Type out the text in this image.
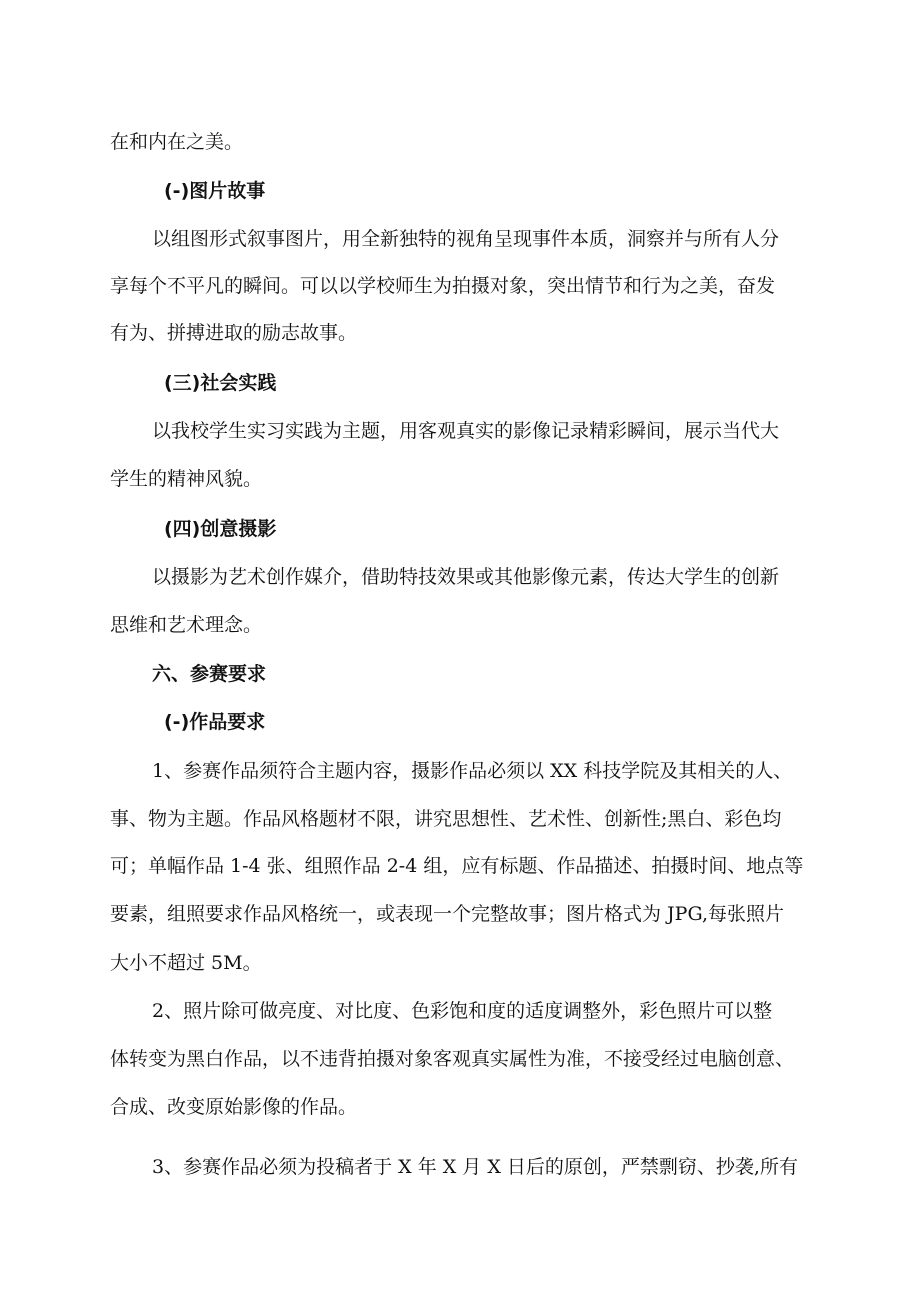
在和内在之美。
(-)图片故事
以组图形式叙事图片，用全新独特的视角呈现事件本质，洞察并与所有人分
享每个不平凡的瞬间。可以以学校师生为拍摄对象，突出情节和行为之美，奋发
有为、拼搏进取的励志故事。
(三)社会实践
以我校学生实习实践为主题，用客观真实的影像记录精彩瞬间，展示当代大
学生的精神风貌。
(四)创意摄影
以摄影为艺术创作媒介，借助特技效果或其他影像元素，传达大学生的创新
思维和艺术理念。
六、参赛要求
(-)作品要求
1、参赛作品须符合主题内容，摄影作品必须以 XX 科技学院及其相关的人、
事、物为主题。作品风格题材不限，讲究思想性、艺术性、创新性;黑白、彩色均
可；单幅作品 1-4 张、组照作品 2-4 组，应有标题、作品描述、拍摄时间、地点等
要素，组照要求作品风格统一，或表现一个完整故事；图片格式为 JPG,每张照片
大小不超过 5M。
2、照片除可做亮度、对比度、色彩饱和度的适度调整外，彩色照片可以整
体转变为黑白作品，以不违背拍摄对象客观真实属性为准，不接受经过电脑创意、
合成、改变原始影像的作品。
3、参赛作品必须为投稿者于 X 年 X 月 X 日后的原创，严禁剽窃、抄袭,所有
